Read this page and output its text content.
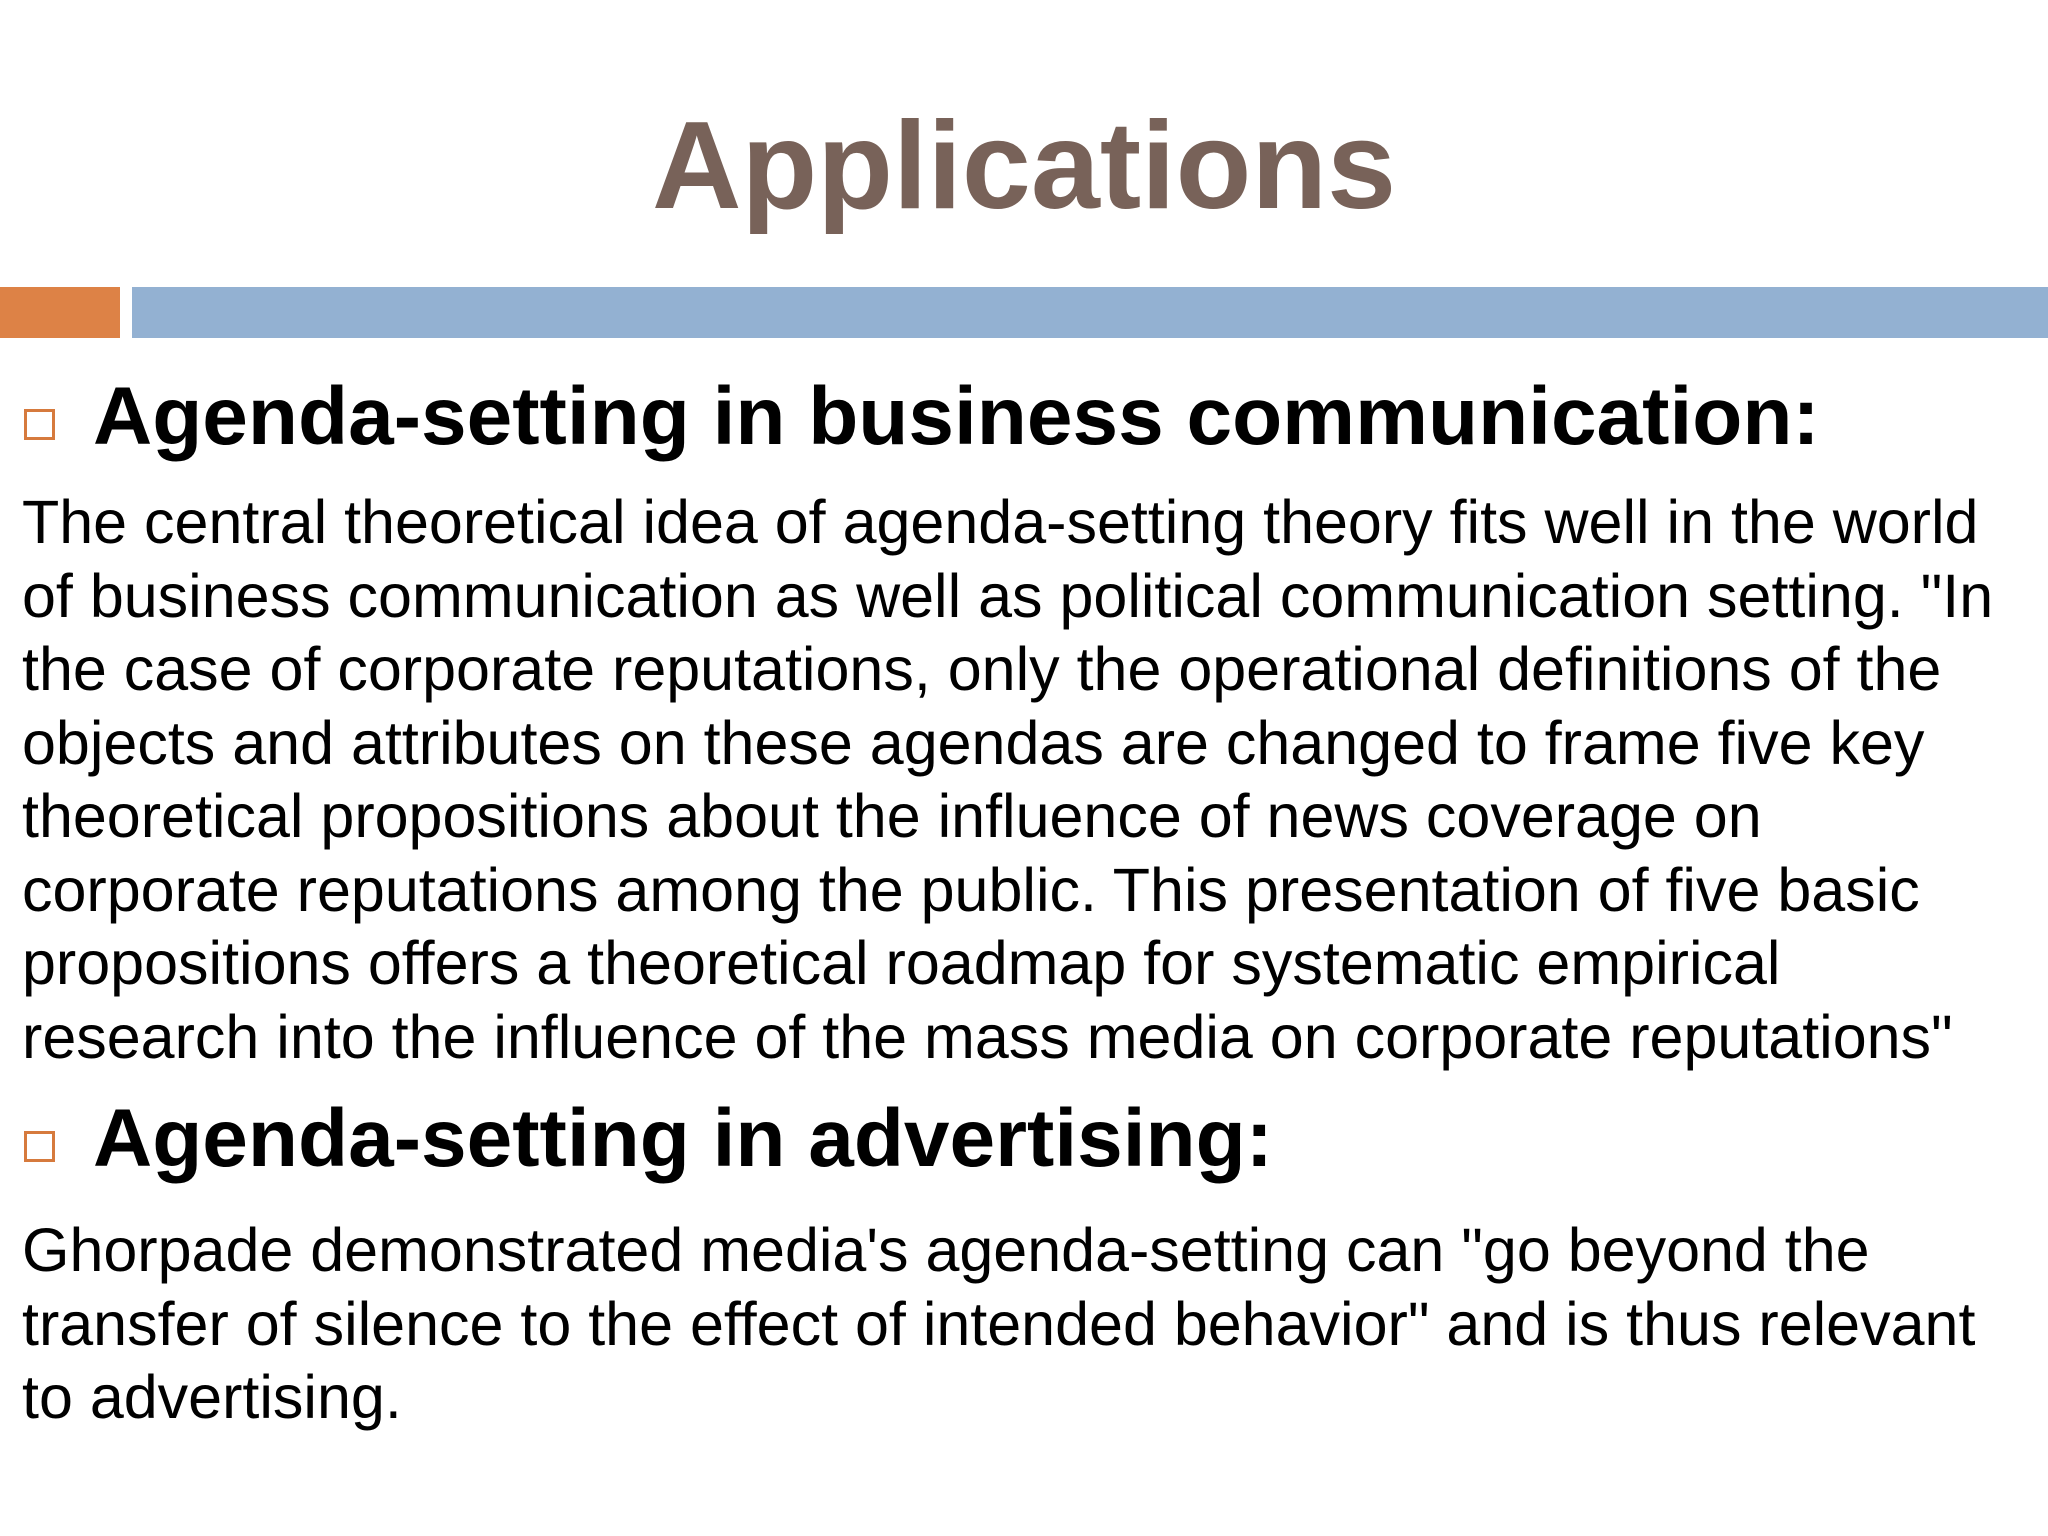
Applications
Agenda-setting in business communication:

The central theoretical idea of agenda-setting theory fits well in the world of business communication as well as political communication setting. "In the case of corporate reputations, only the operational definitions of the objects and attributes on these agendas are changed to frame five key theoretical propositions about the influence of news coverage on corporate reputations among the public. This presentation of five basic propositions offers a theoretical roadmap for systematic empirical research into the influence of the mass media on corporate reputations"

Agenda-setting in advertising:

Ghorpade demonstrated media's agenda-setting can "go beyond the transfer of silence to the effect of intended behavior" and is thus relevant to advertising.
